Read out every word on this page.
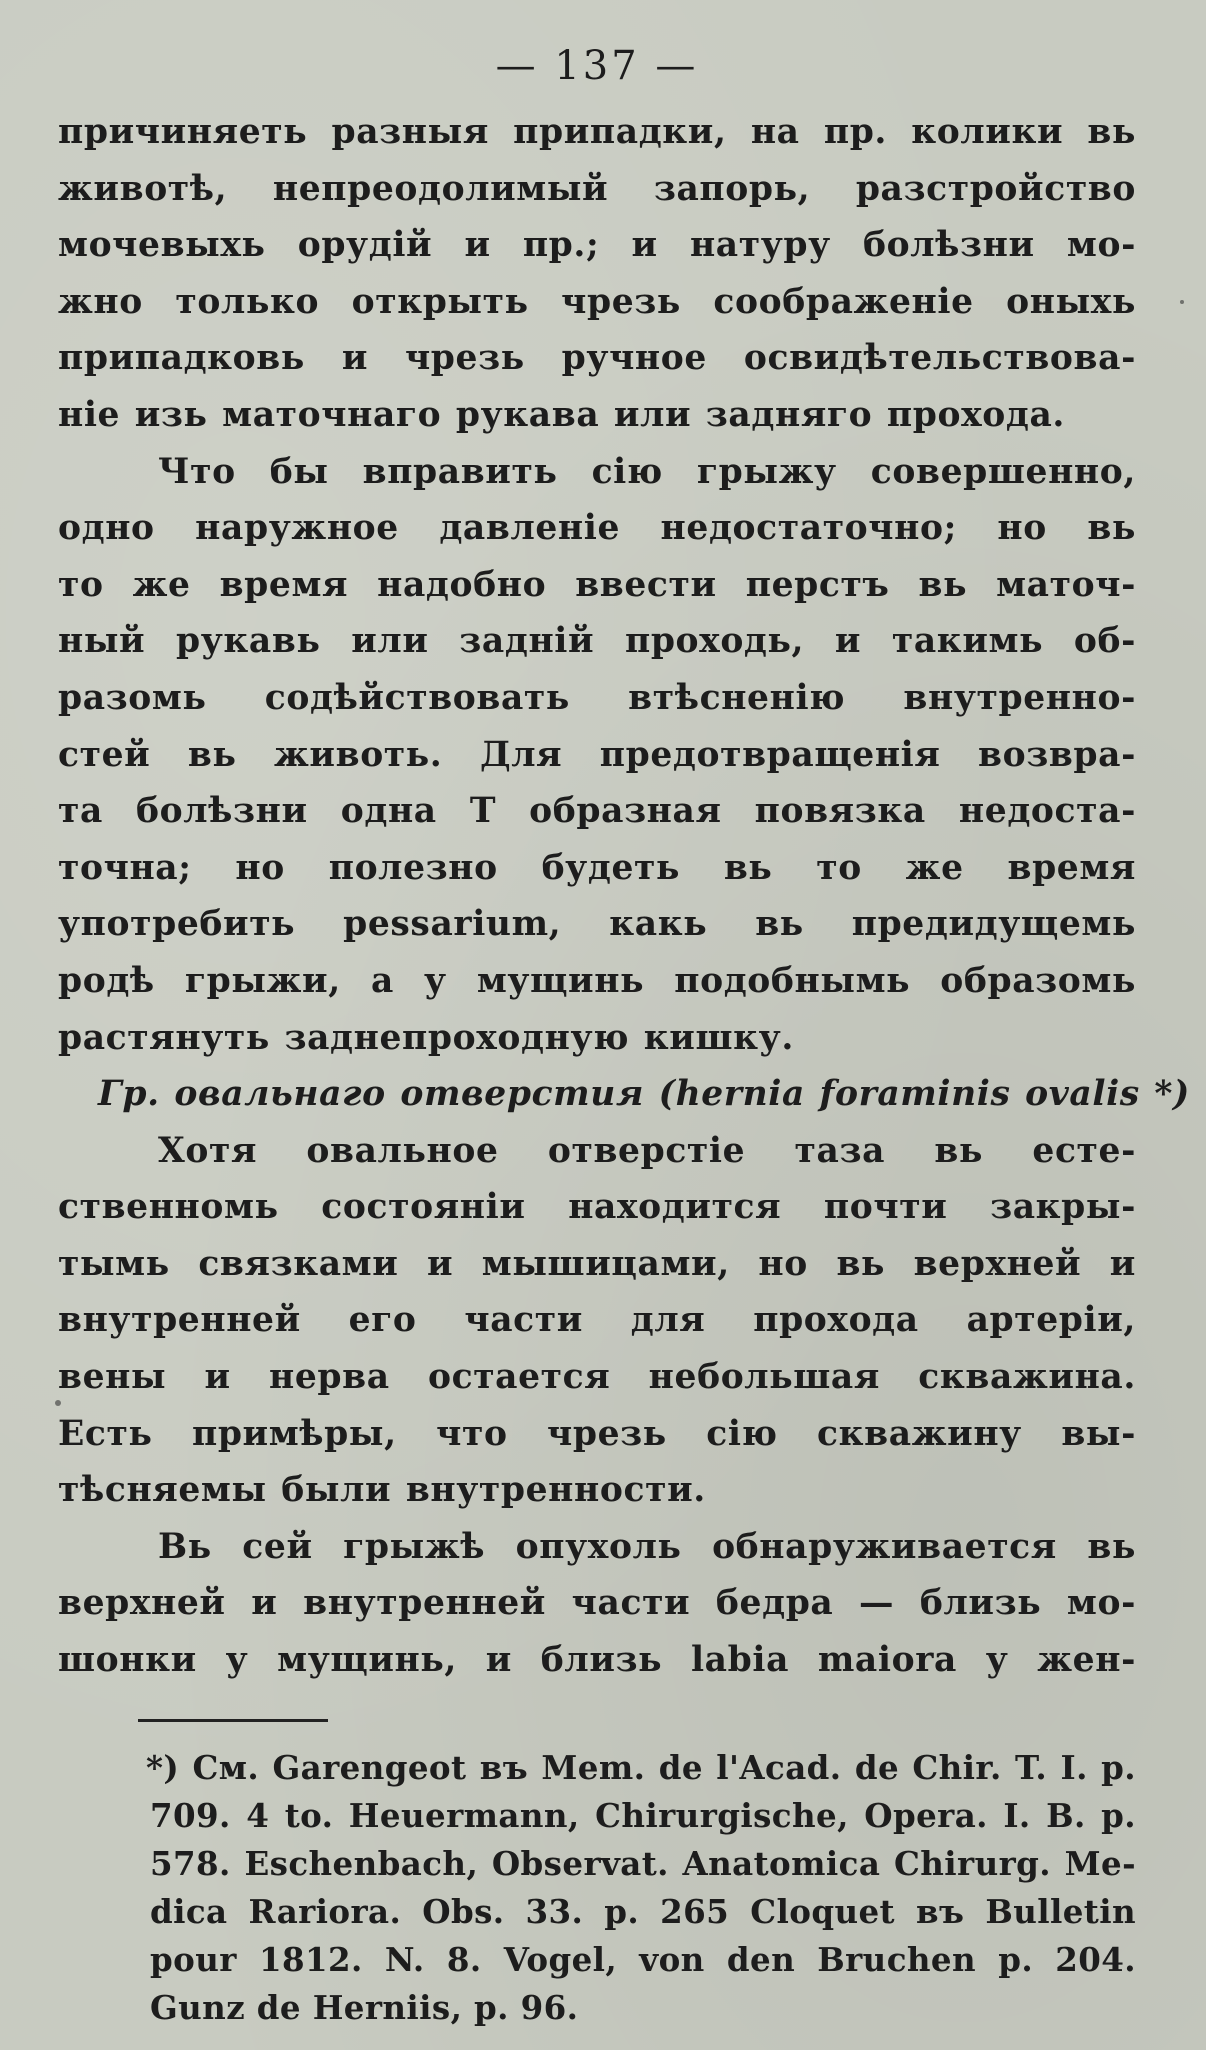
— 137 —
причиняеть разныя припадки, на пр. колики вь
животѣ, непреодолимый запорь, разстройство
мочевыхь орудій и пр.; и натуру болѣзни мо-
жно только открыть чрезь соображеніе оныхь
припадковь и чрезь ручное освидѣтельствова-
ніе изь маточнаго рукава или задняго прохода.
Что бы вправить сію грыжу совершенно,
одно наружное давленіе недостаточно; но вь
то же время надобно ввести перстъ вь маточ-
ный рукавь или задній проходь, и такимь об-
разомь содѣйствовать втѣсненію внутренно-
стей вь животь. Для предотвращенія возвра-
та болѣзни одна Т образная повязка недоста-
точна; но полезно будеть вь то же время
употребить pessarium, какь вь предидущемь
родѣ грыжи, а у мущинь подобнымь образомь
растянуть заднепроходную кишку.
Гр. овальнаго отверстия (hernia foraminis ovalis *)
Хотя овальное отверстіе таза вь есте-
ственномь состояніи находится почти закры-
тымь связками и мышицами, но вь верхней и
внутренней его части для прохода артеріи,
вены и нерва остается небольшая скважина.
Есть примѣры, что чрезь сію скважину вы-
тѣсняемы были внутренности.
Вь сей грыжѣ опухоль обнаруживается вь
верхней и внутренней части бедра — близь мо-
шонки у мущинь, и близь labia maiora у жен-
*) См. Garengeot въ Mem. de l'Acad. de Chir. T. I. p.
709. 4 to. Heuermann, Chirurgische, Opera. I. B. p.
578. Eschenbach, Observat. Anatomica Chirurg. Me-
dica Rariora. Obs. 33. p. 265 Cloquet въ Bulletin
pour 1812. N. 8. Vogel, von den Bruchen p. 204.
Gunz de Herniis, p. 96.
